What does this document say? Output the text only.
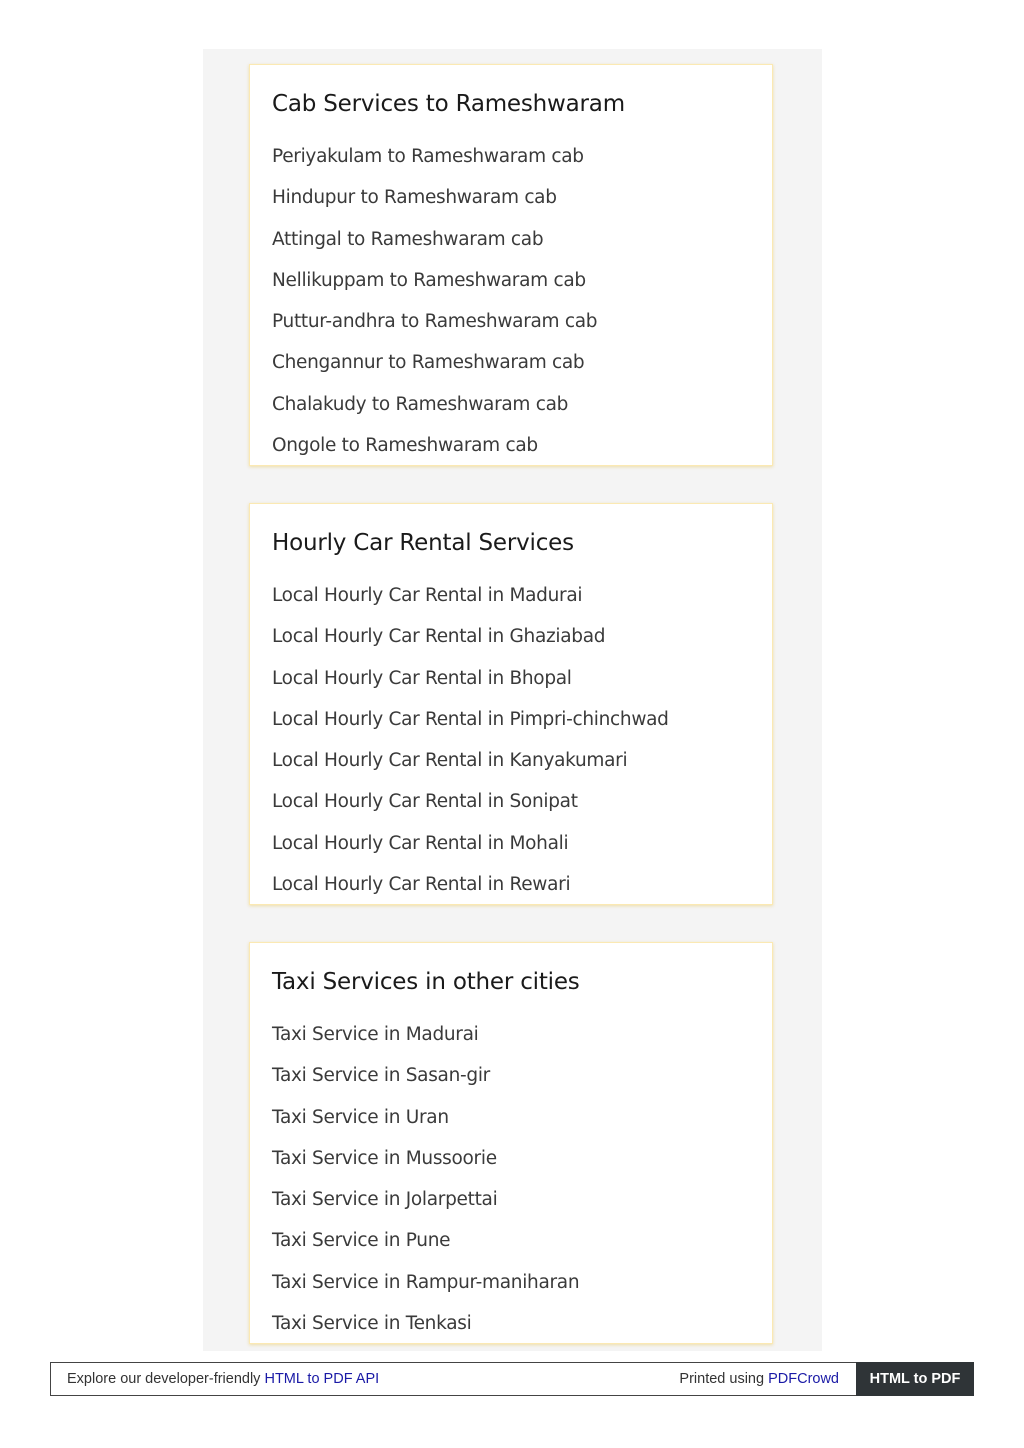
Cab Services to Rameshwaram
Periyakulam to Rameshwaram cab
Hindupur to Rameshwaram cab
Attingal to Rameshwaram cab
Nellikuppam to Rameshwaram cab
Puttur-andhra to Rameshwaram cab
Chengannur to Rameshwaram cab
Chalakudy to Rameshwaram cab
Ongole to Rameshwaram cab
Hourly Car Rental Services
Local Hourly Car Rental in Madurai
Local Hourly Car Rental in Ghaziabad
Local Hourly Car Rental in Bhopal
Local Hourly Car Rental in Pimpri-chinchwad
Local Hourly Car Rental in Kanyakumari
Local Hourly Car Rental in Sonipat
Local Hourly Car Rental in Mohali
Local Hourly Car Rental in Rewari
Taxi Services in other cities
Taxi Service in Madurai
Taxi Service in Sasan-gir
Taxi Service in Uran
Taxi Service in Mussoorie
Taxi Service in Jolarpettai
Taxi Service in Pune
Taxi Service in Rampur-maniharan
Taxi Service in Tenkasi
Explore our developer-friendly HTML to PDF API	Printed using PDFCrowd	HTML to PDF
